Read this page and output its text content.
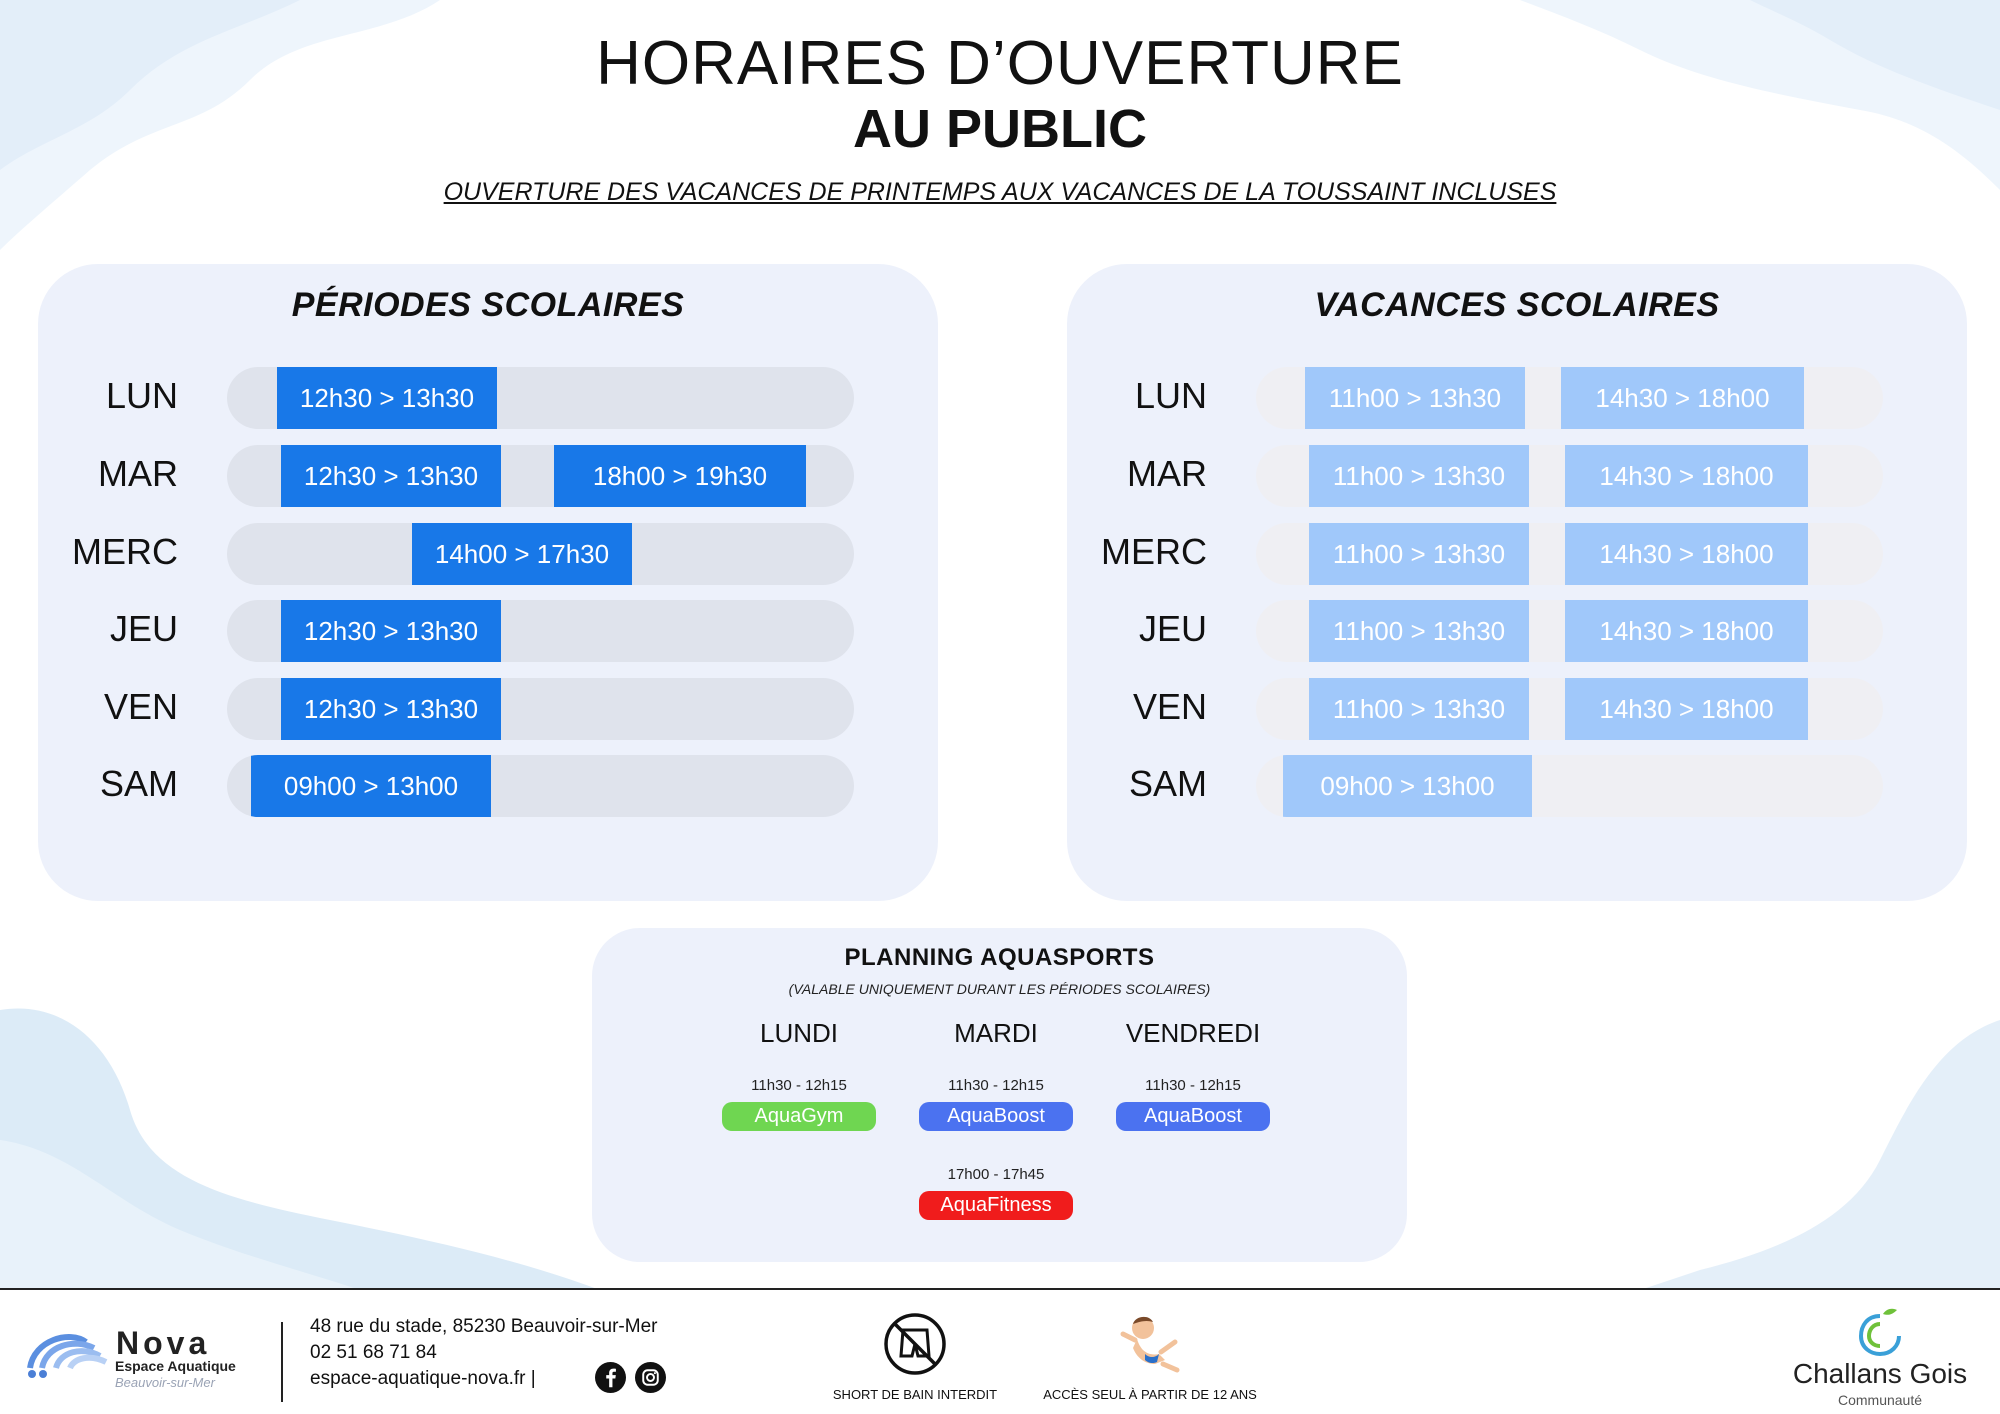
HORAIRES D’OUVERTURE
AU PUBLIC
OUVERTURE DES VACANCES DE PRINTEMPS AUX VACANCES DE LA TOUSSAINT INCLUSES
PÉRIODES SCOLAIRES
LUN	12h30 > 13h30
MAR	12h30 > 13h30	18h00 > 19h30
MERC	14h00 > 17h30
JEU	12h30 > 13h30
VEN	12h30 > 13h30
SAM	09h00 > 13h00
VACANCES SCOLAIRES
LUN	11h00 > 13h30	14h30 > 18h00
MAR	11h00 > 13h30	14h30 > 18h00
MERC	11h00 > 13h30	14h30 > 18h00
JEU	11h00 > 13h30	14h30 > 18h00
VEN	11h00 > 13h30	14h30 > 18h00
SAM	09h00 > 13h00
PLANNING AQUASPORTS
(VALABLE UNIQUEMENT DURANT LES PÉRIODES SCOLAIRES)
LUNDI
11h30 - 12h15
AquaGym
MARDI
11h30 - 12h15
AquaBoost
17h00 - 17h45
AquaFitness
VENDREDI
11h30 - 12h15
AquaBoost
Nova
Espace Aquatique
Beauvoir-sur-Mer
48 rue du stade, 85230 Beauvoir-sur-Mer
02 51 68 71 84
espace-aquatique-nova.fr |
SHORT DE BAIN INTERDIT	ACCÈS SEUL À PARTIR DE 12 ANS
Challans Gois
Communauté
